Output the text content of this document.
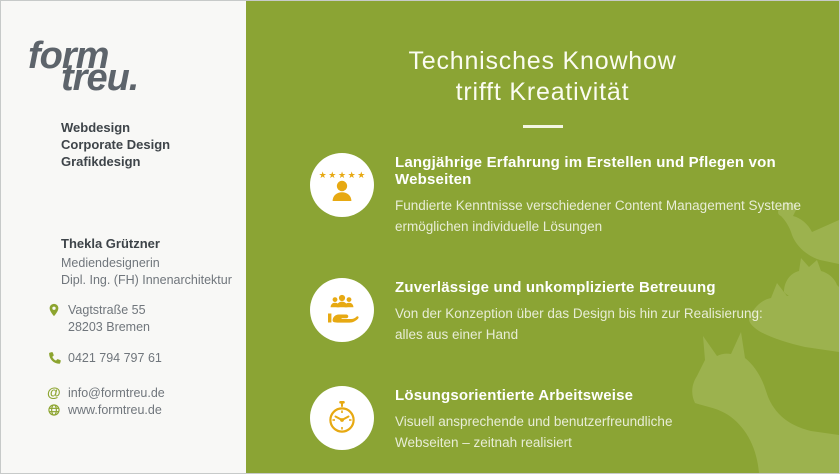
form
treu.
Webdesign
Corporate Design
Grafikdesign
Thekla Grützner
Mediendesignerin
Dipl. Ing. (FH) Innenarchitektur
Vagtstraße 55
28203 Bremen
0421 794 797 61
@ info@formtreu.de
www.formtreu.de
Technisches Knowhow
trifft Kreativität
★★★★★
Langjährige Erfahrung im Erstellen und Pflegen von Webseiten
Fundierte Kenntnisse verschiedener Content Management Systeme
ermöglichen individuelle Lösungen
Zuverlässige und unkomplizierte Betreuung
Von der Konzeption über das Design bis hin zur Realisierung:
alles aus einer Hand
Lösungsorientierte Arbeitsweise
Visuell ansprechende und benutzerfreundliche
Webseiten – zeitnah realisiert
